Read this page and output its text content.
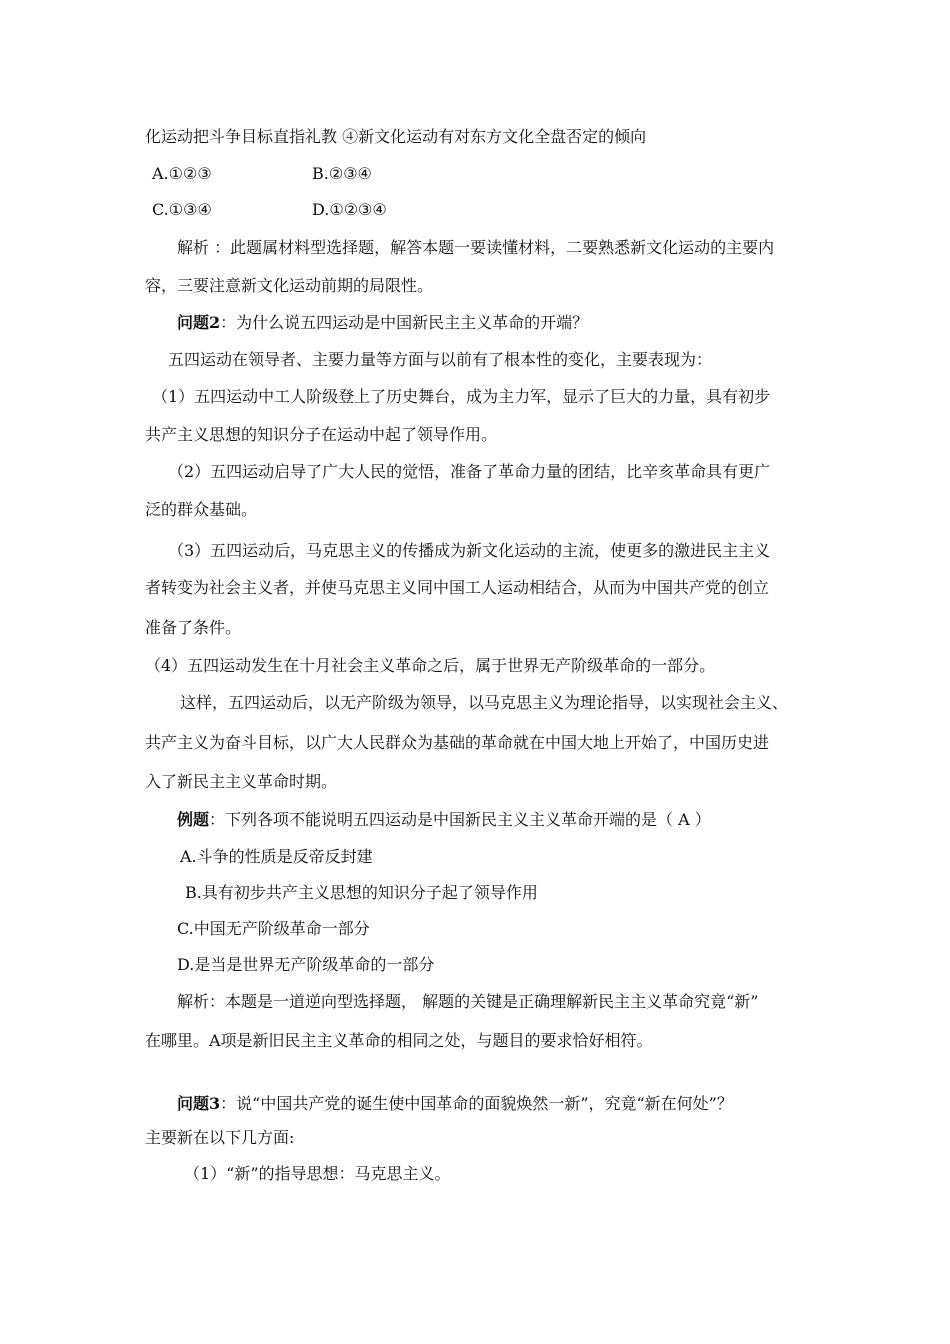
化运动把斗争目标直指礼教 ④新文化运动有对东方文化全盘否定的倾向
A.①②③	B.②③④
C.①③④	D.①②③④
解析 ：此题属材料型选择题，解答本题一要读懂材料，二要熟悉新文化运动的主要内
容，三要注意新文化运动前期的局限性。
问题2：为什么说五四运动是中国新民主主义革命的开端？
五四运动在领导者、主要力量等方面与以前有了根本性的变化，主要表现为：
（1）五四运动中工人阶级登上了历史舞台，成为主力军，显示了巨大的力量，具有初步
共产主义思想的知识分子在运动中起了领导作用。
（2）五四运动启导了广大人民的觉悟，准备了革命力量的团结，比辛亥革命具有更广
泛的群众基础。
（3）五四运动后，马克思主义的传播成为新文化运动的主流，使更多的激进民主主义
者转变为社会主义者，并使马克思主义同中国工人运动相结合，从而为中国共产党的创立
准备了条件。
（4）五四运动发生在十月社会主义革命之后，属于世界无产阶级革命的一部分。
这样，五四运动后，以无产阶级为领导，以马克思主义为理论指导，以实现社会主义、
共产主义为奋斗目标，以广大人民群众为基础的革命就在中国大地上开始了，中国历史进
入了新民主主义革命时期。
例题：下列各项不能说明五四运动是中国新民主义主义革命开端的是（ A ）
A.斗争的性质是反帝反封建
B.具有初步共产主义思想的知识分子起了领导作用
C.中国无产阶级革命一部分
D.是当是世界无产阶级革命的一部分
解析：本题是一道逆向型选择题， 解题的关键是正确理解新民主主义革命究竟“新”
在哪里。A项是新旧民主主义革命的相同之处，与题目的要求恰好相符。
问题3：说“中国共产党的诞生使中国革命的面貌焕然一新”，究竟“新在何处”？
主要新在以下几方面:
（1）“新”的指导思想：马克思主义。
